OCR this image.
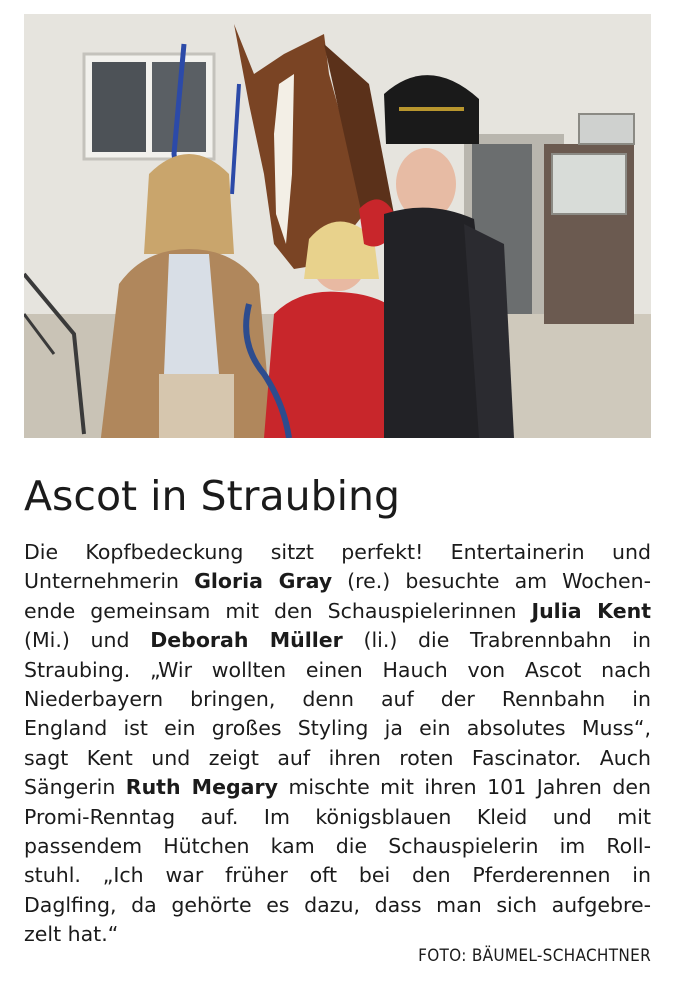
Ascot in Straubing
Die Kopfbedeckung sitzt perfekt! Entertainerin und
Unternehmerin Gloria Gray (re.) besuchte am Wochen-
ende gemeinsam mit den Schauspielerinnen Julia Kent
(Mi.) und Deborah Müller (li.) die Trabrennbahn in
Straubing. „Wir wollten einen Hauch von Ascot nach
Niederbayern bringen, denn auf der Rennbahn in
England ist ein großes Styling ja ein absolutes Muss“,
sagt Kent und zeigt auf ihren roten Fascinator. Auch
Sängerin Ruth Megary mischte mit ihren 101 Jahren den
Promi-Renntag auf. Im königsblauen Kleid und mit
passendem Hütchen kam die Schauspielerin im Roll-
stuhl. „Ich war früher oft bei den Pferderennen in
Daglfing, da gehörte es dazu, dass man sich aufgebre-
zelt hat.“
FOTO: BÄUMEL-SCHACHTNER
